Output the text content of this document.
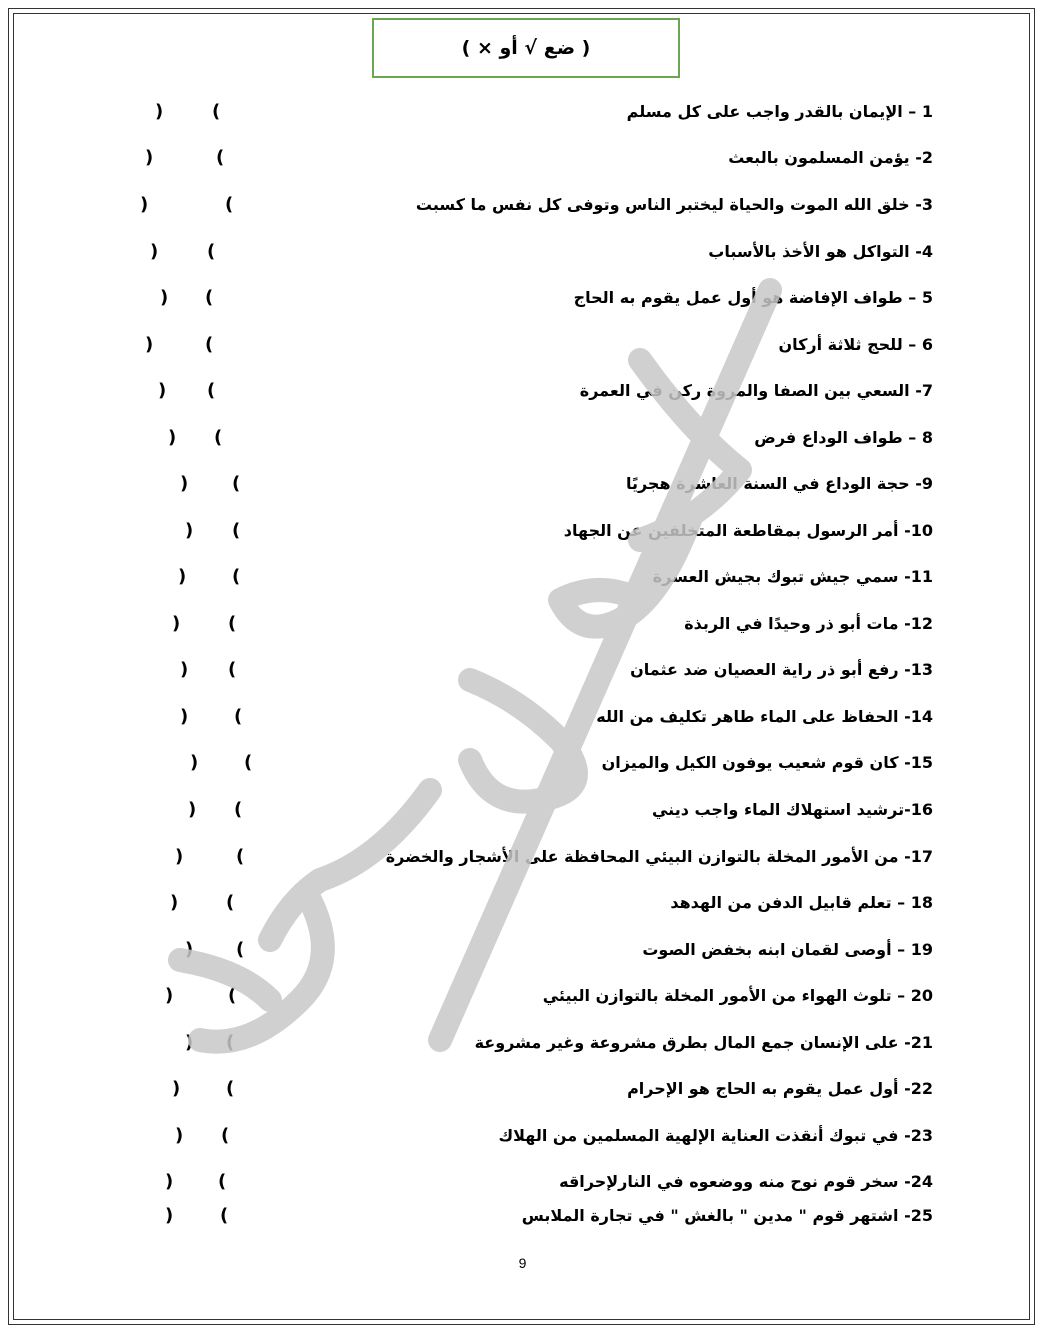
( ضع √ أو × )
1 – الإيمان بالقدر واجب على كل مسلم
(
)
2- يؤمن المسلمون بالبعث
(
)
3- خلق الله الموت والحياة ليختبر الناس وتوفى كل نفس ما كسبت
(
)
4- التواكل هو الأخذ بالأسباب
(
)
5 – طواف الإفاضة هو أول عمل يقوم به الحاج
(
)
6 – للحج ثلاثة أركان
(
)
7- السعي بين الصفا والمروة ركن في العمرة
(
)
8 – طواف الوداع فرض
(
)
9- حجة الوداع في السنة العاشرة هجريًا
(
)
10- أمر الرسول بمقاطعة المتخلفين عن الجهاد
(
)
11- سمي جيش تبوك بجيش العسرة
(
)
12- مات أبو ذر وحيدًا في الربذة
(
)
13- رفع أبو ذر راية العصيان ضد عثمان
(
)
14- الحفاظ على الماء طاهر تكليف من الله
(
)
15- كان قوم شعيب يوفون الكيل والميزان
(
)
16-ترشيد استهلاك الماء واجب ديني
(
)
17- من الأمور المخلة بالتوازن البيئي المحافظة على الأشجار والخضرة
(
)
18 – تعلم قابيل الدفن من الهدهد
(
)
19 – أوصى لقمان ابنه بخفض الصوت
(
)
20 – تلوث الهواء من الأمور المخلة بالتوازن البيئي
(
)
21- على الإنسان جمع المال بطرق مشروعة وغير مشروعة
(
)
22- أول عمل يقوم به الحاج هو الإحرام
(
)
23- في تبوك أنقذت العناية الإلهية المسلمين من الهلاك
(
)
24- سخر قوم نوح منه ووضعوه في النارلإحراقه
(
)
25- اشتهر قوم " مدين " بالغش " في تجارة الملابس
(
)
9
